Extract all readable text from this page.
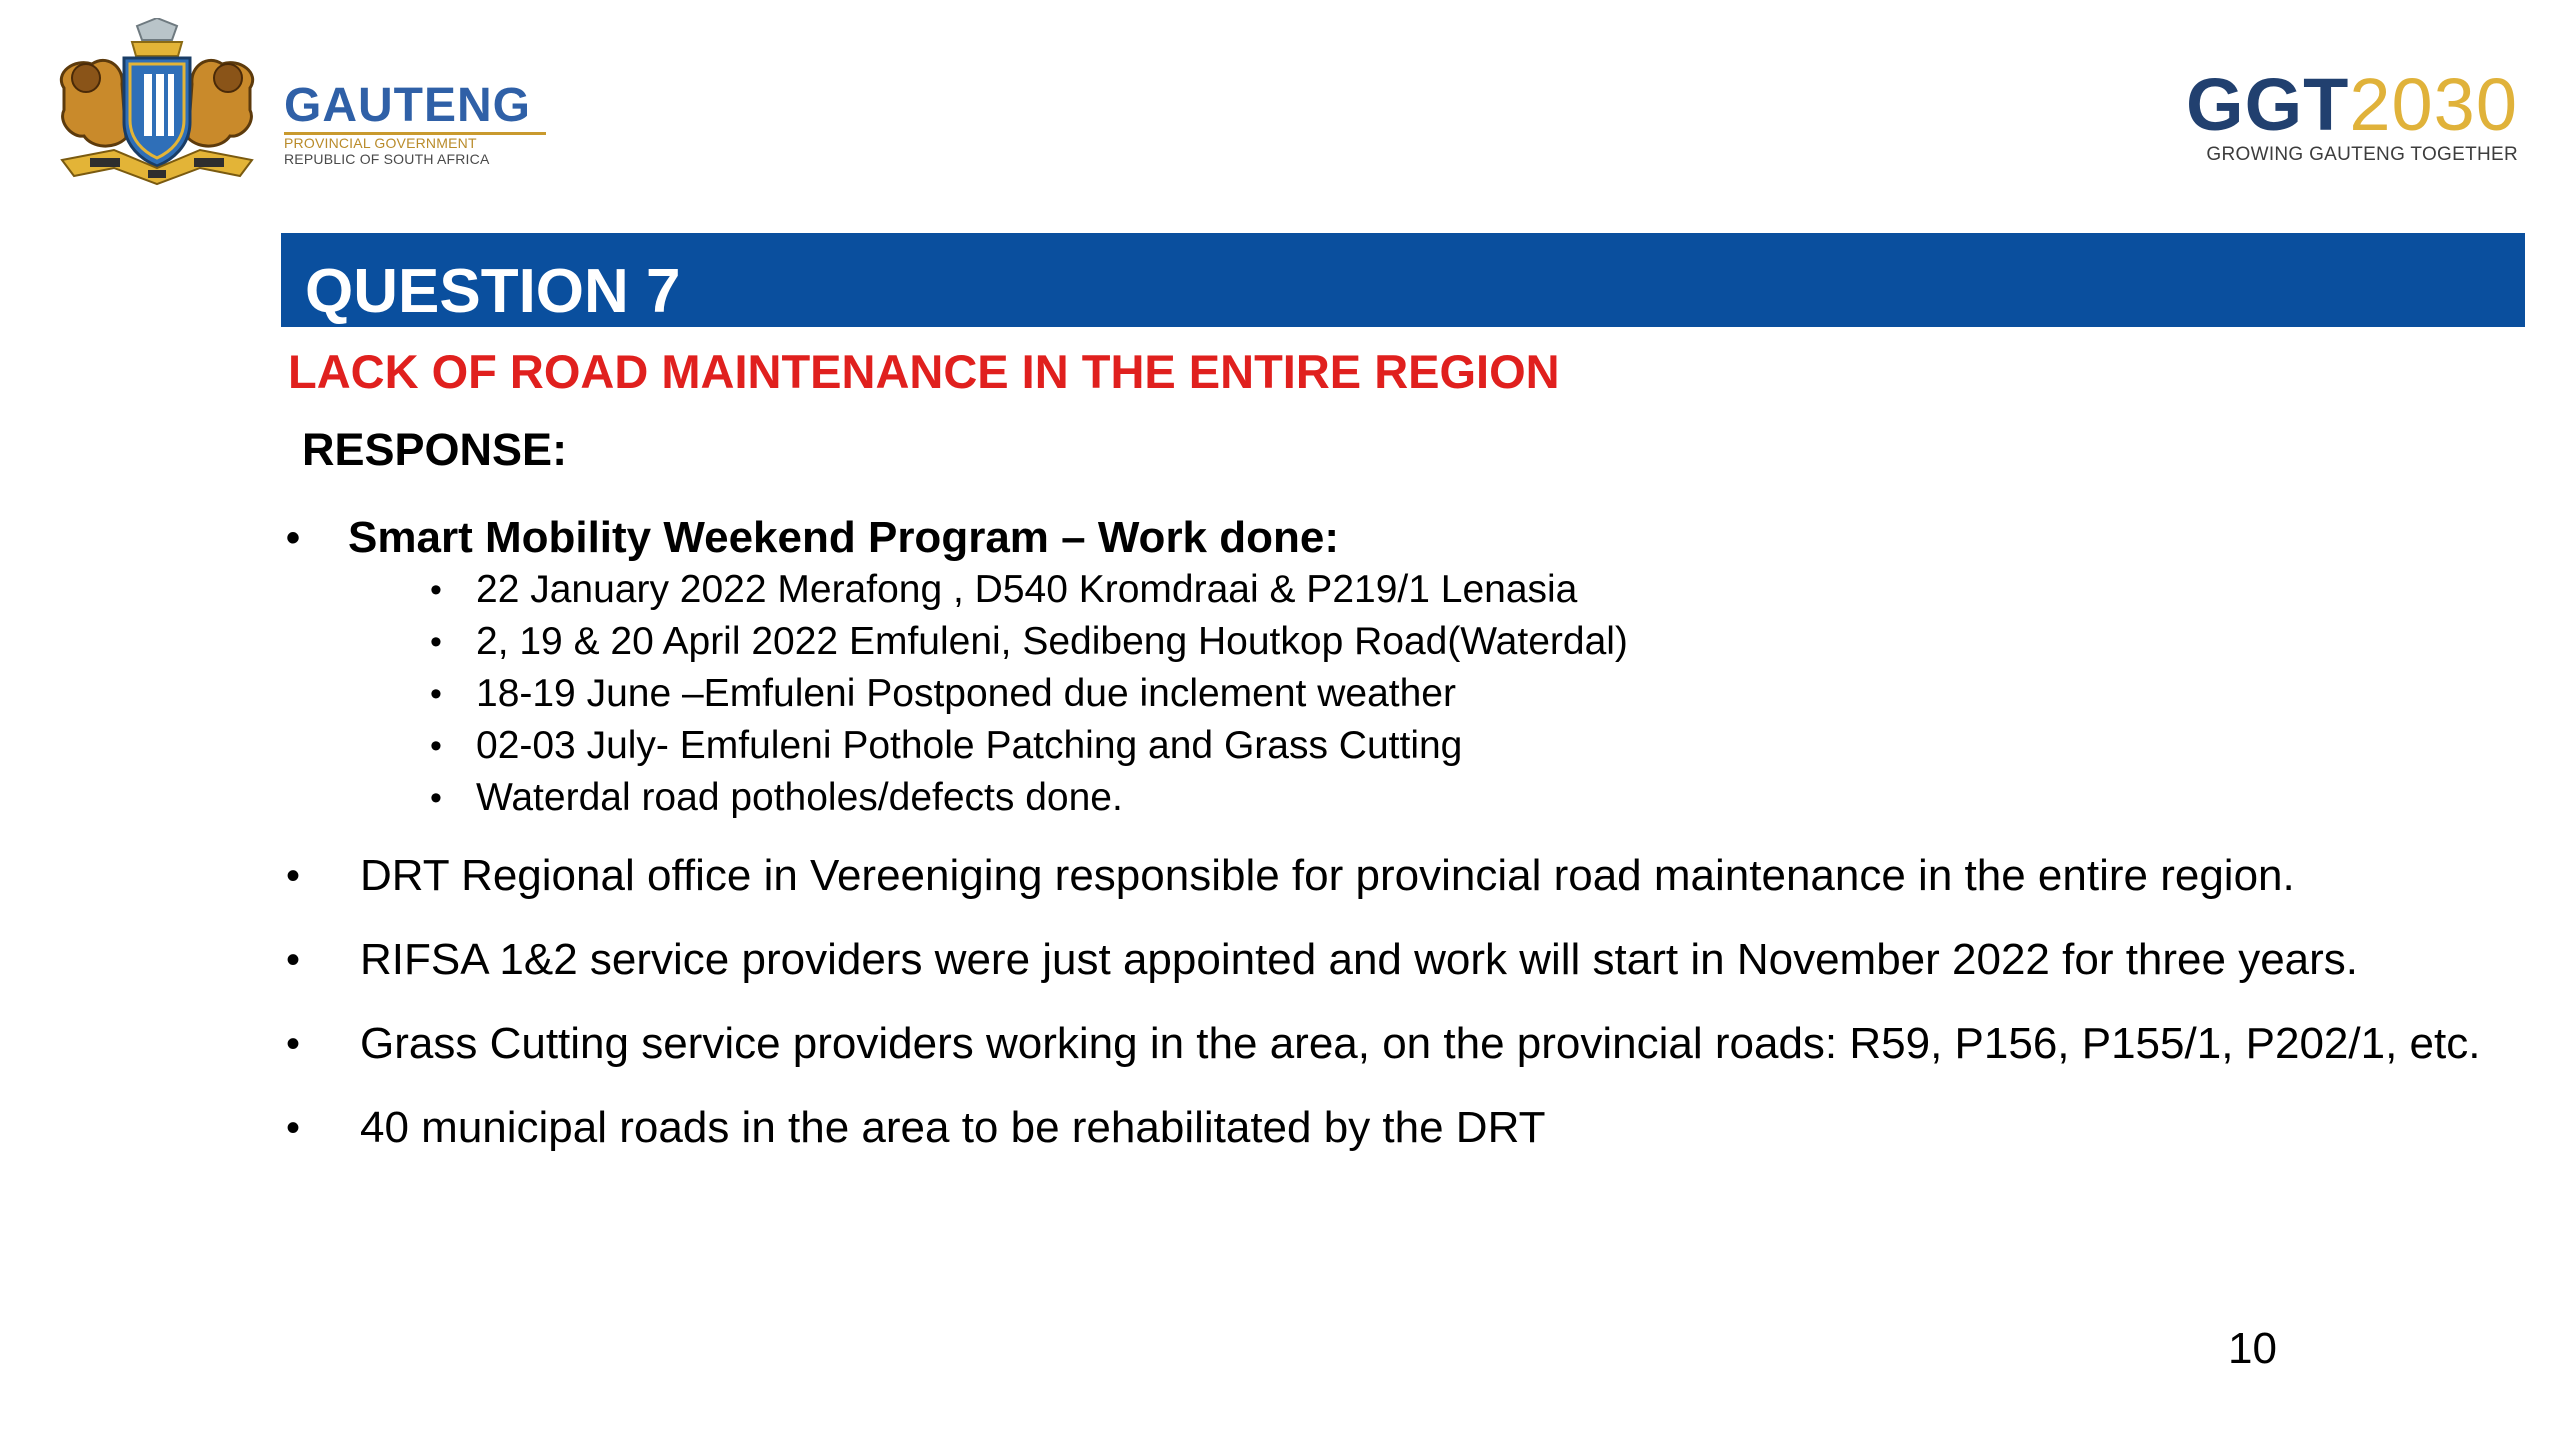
GAUTENG
PROVINCIAL GOVERNMENT
REPUBLIC OF SOUTH AFRICA
GGT2030
GROWING GAUTENG TOGETHER
QUESTION 7
LACK OF ROAD MAINTENANCE IN THE ENTIRE REGION
RESPONSE:
• Smart Mobility Weekend Program – Work done:
• 22 January 2022 Merafong , D540 Kromdraai & P219/1 Lenasia
• 2, 19 & 20 April 2022 Emfuleni, Sedibeng Houtkop Road(Waterdal)
• 18-19 June –Emfuleni Postponed due inclement weather
• 02-03 July- Emfuleni Pothole Patching and Grass Cutting
• Waterdal road potholes/defects done.
• DRT Regional office in Vereeniging responsible for provincial road maintenance in the entire region.
• RIFSA 1&2 service providers were just appointed and work will start in November 2022 for three years.
• Grass Cutting service providers working in the area, on the provincial roads: R59, P156, P155/1, P202/1, etc.
• 40 municipal roads in the area to be rehabilitated by the DRT
10
